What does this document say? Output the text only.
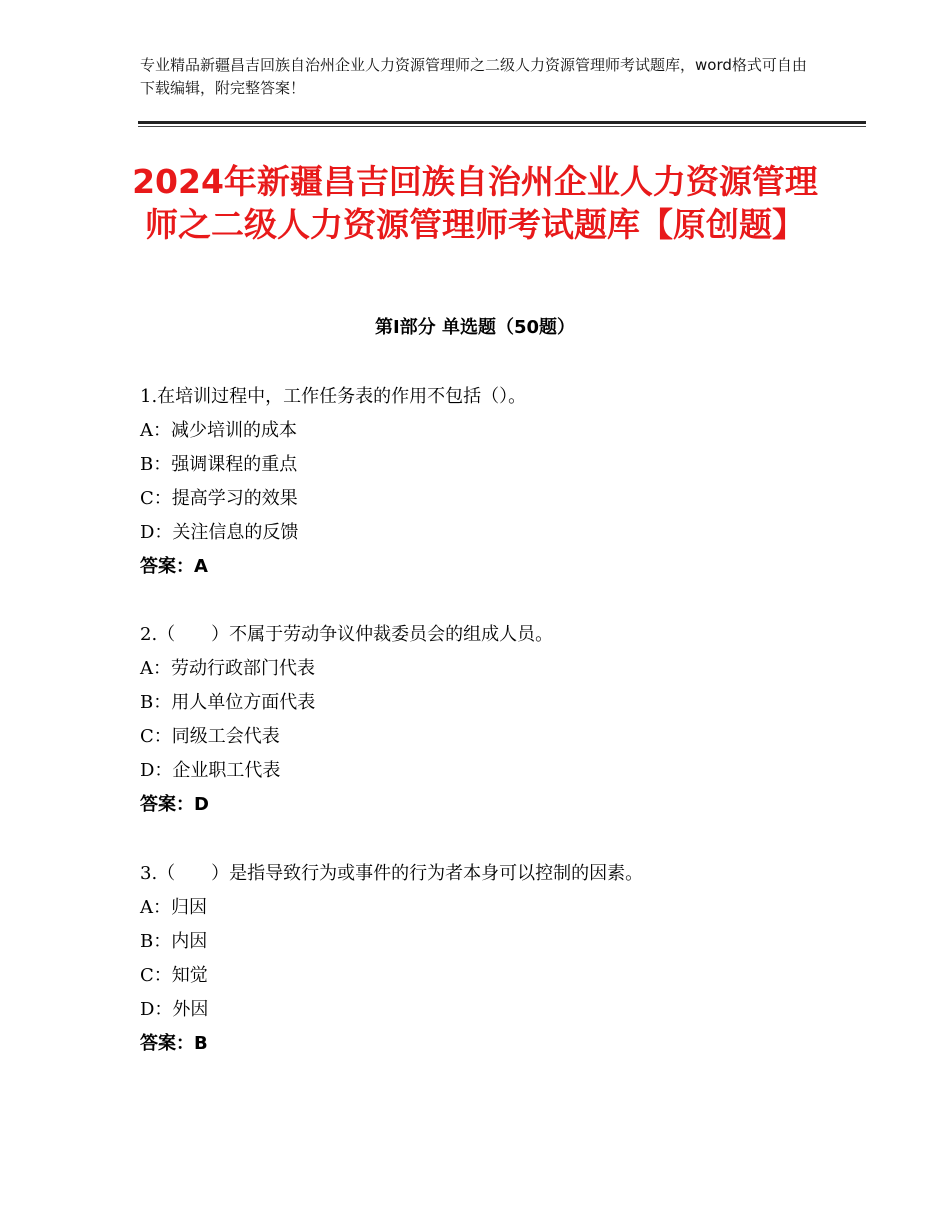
专业精品新疆昌吉回族自治州企业人力资源管理师之二级人力资源管理师考试题库，word格式可自由下载编辑，附完整答案！
2024年新疆昌吉回族自治州企业人力资源管理师之二级人力资源管理师考试题库【原创题】
第Ⅰ部分 单选题（50题）
1.在培训过程中，工作任务表的作用不包括（）。
A：减少培训的成本
B：强调课程的重点
C：提高学习的效果
D：关注信息的反馈
答案：A
2.（　　）不属于劳动争议仲裁委员会的组成人员。
A：劳动行政部门代表
B：用人单位方面代表
C：同级工会代表
D：企业职工代表
答案：D
3.（　　）是指导致行为或事件的行为者本身可以控制的因素。
A：归因
B：内因
C：知觉
D：外因
答案：B
